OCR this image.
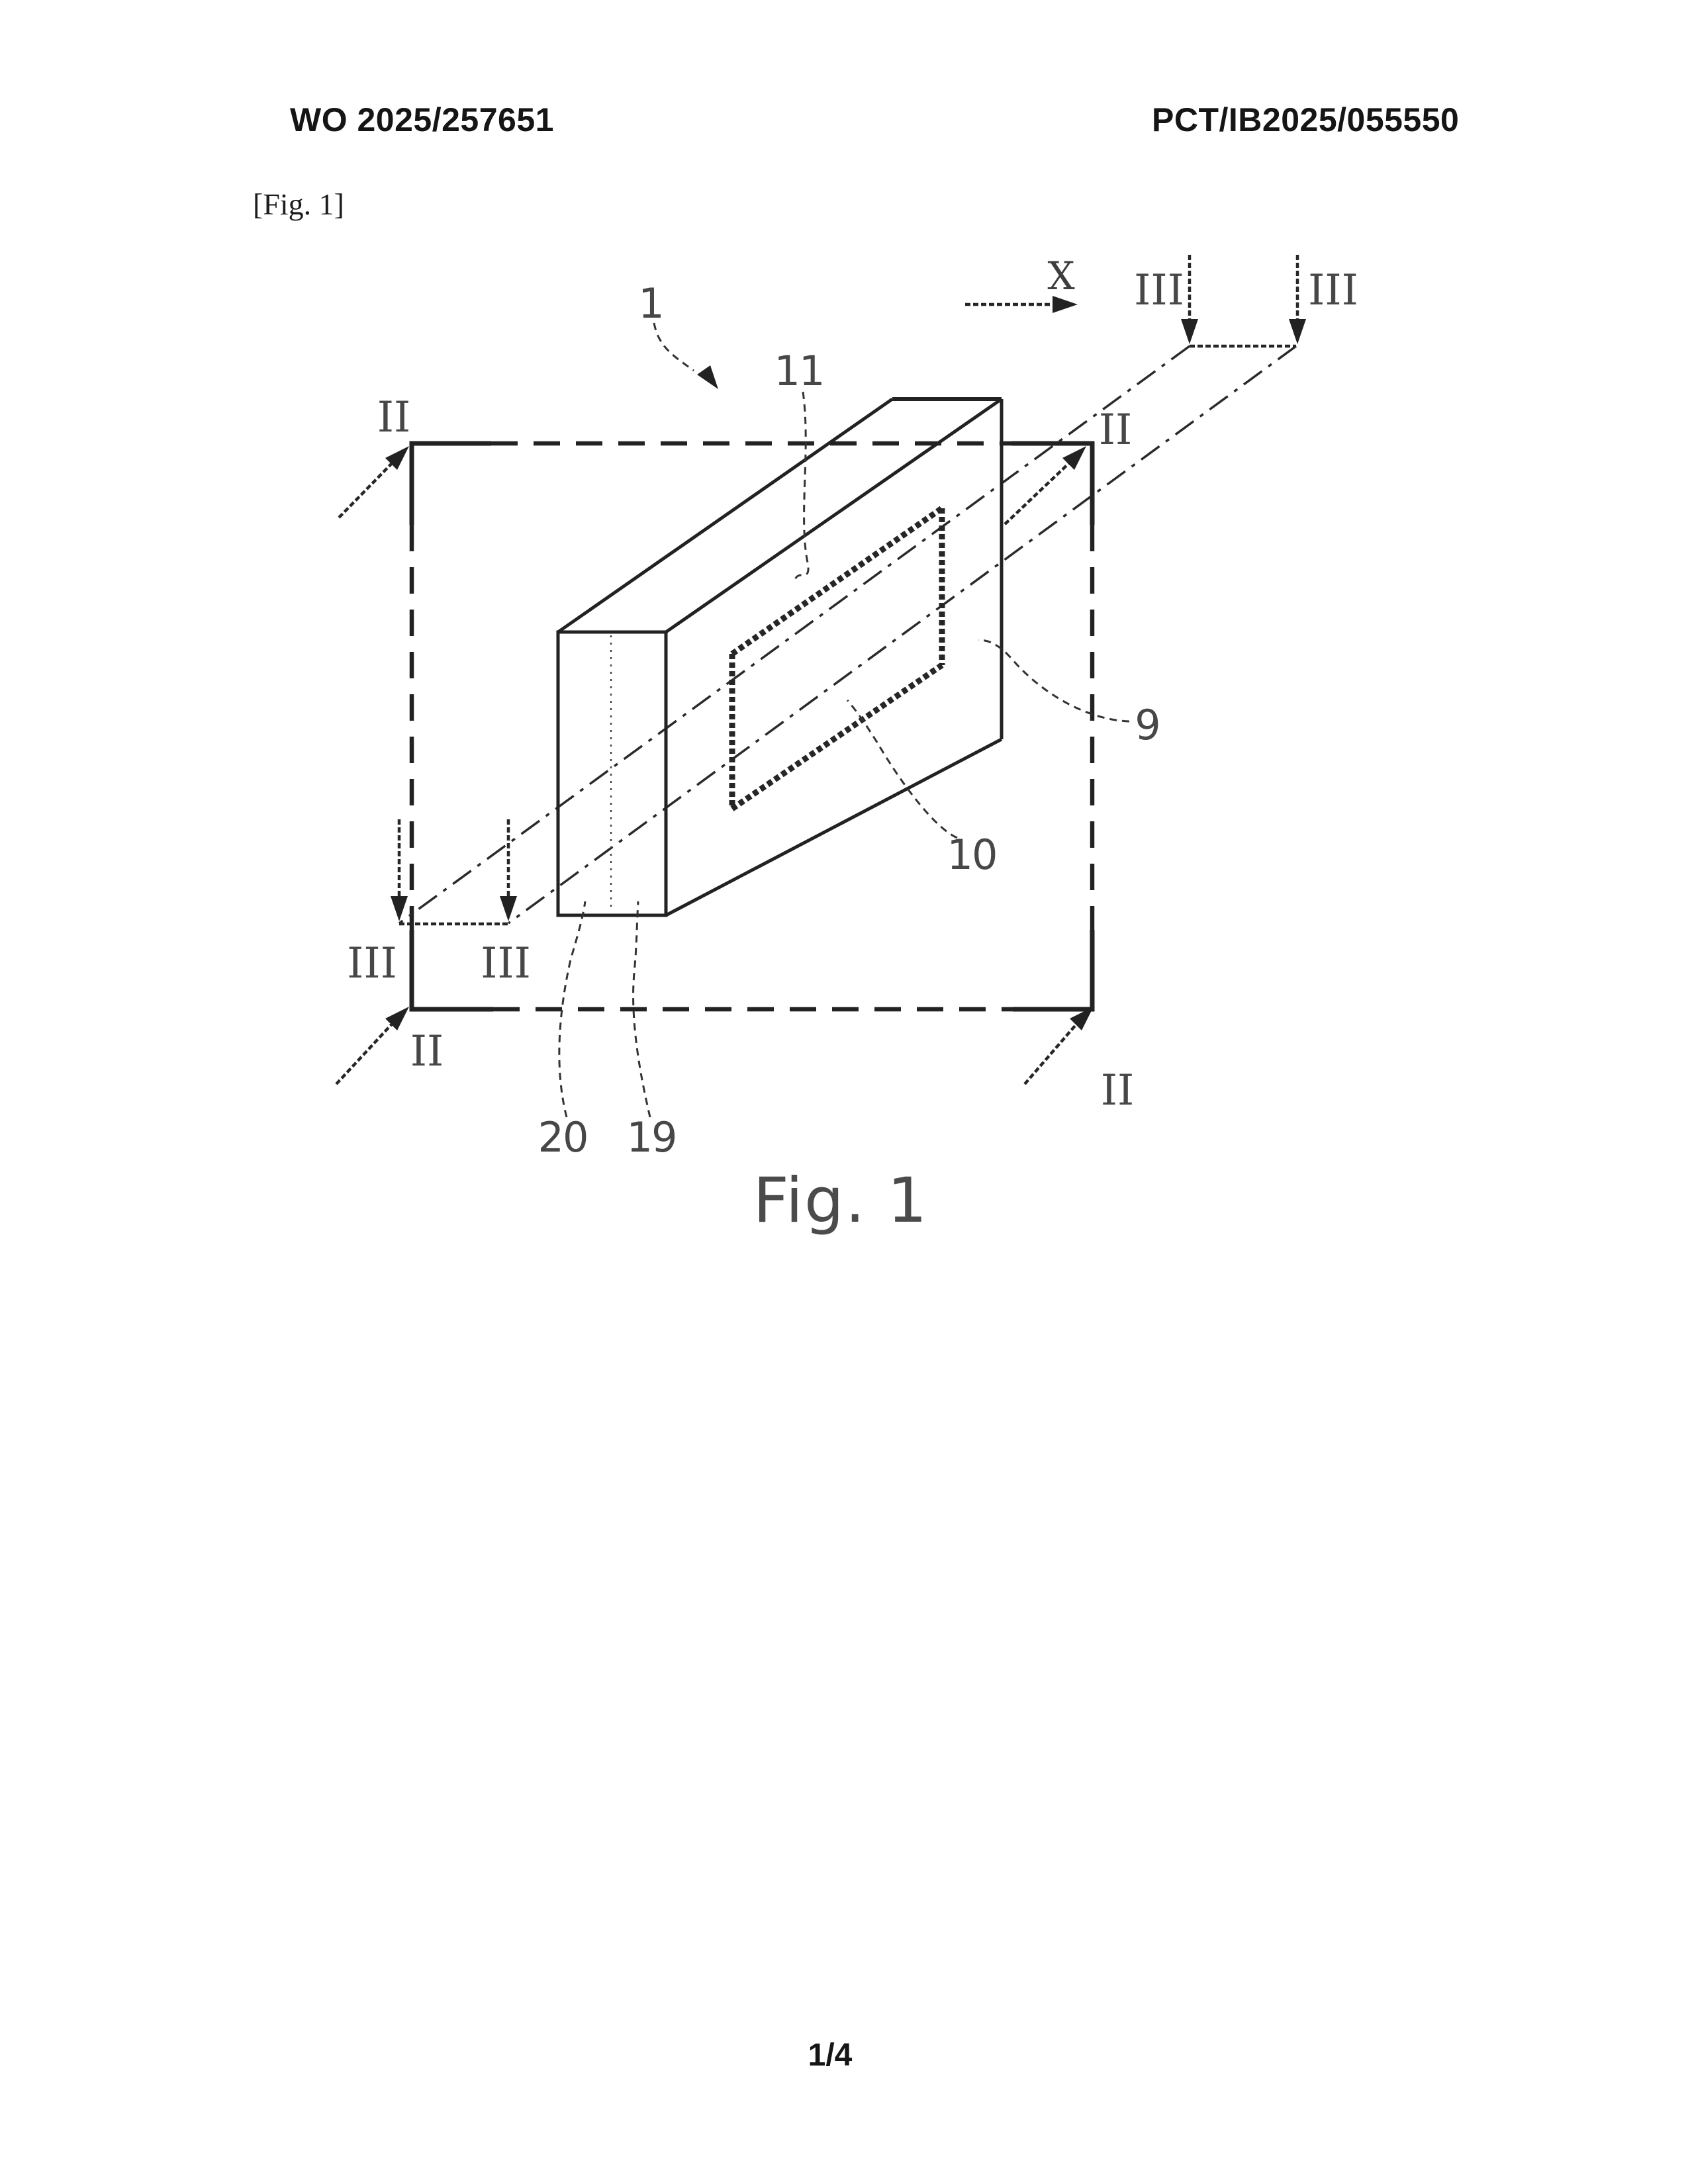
WO 2025/257651	PCT/IB2025/055550
[Fig. 1]
1
11
9
10
20 19
X
II	II
II
II
III	III
III III
Fig. 1
1/4
